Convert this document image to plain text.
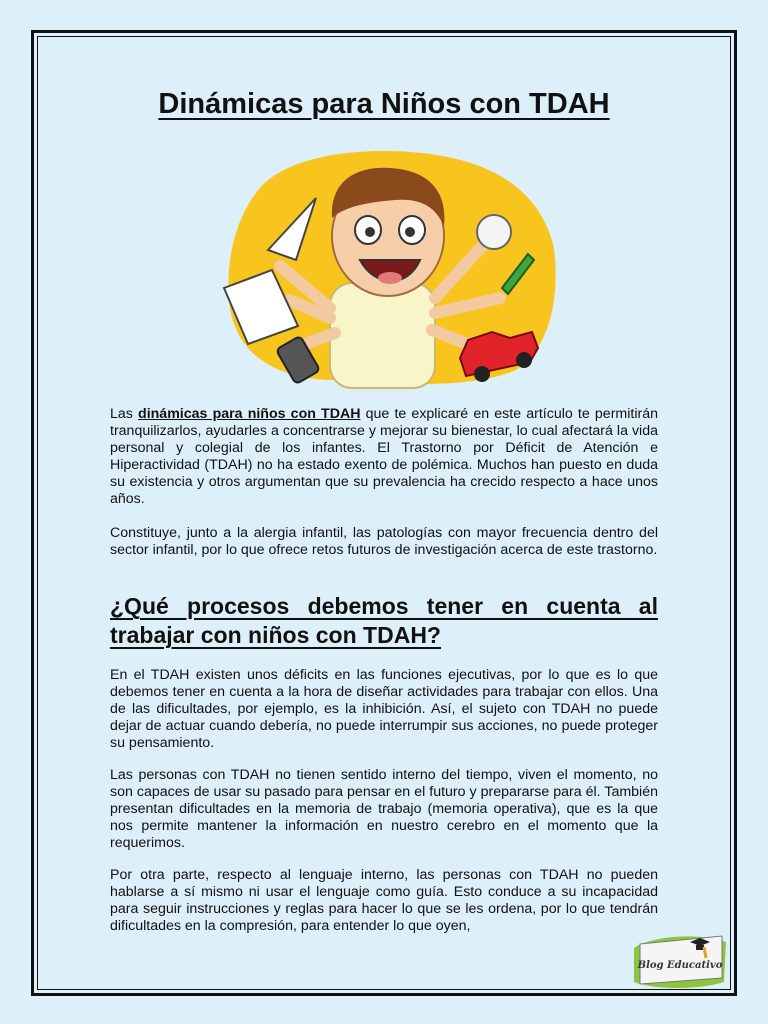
Dinámicas para Niños con TDAH

Las dinámicas para niños con TDAH que te explicaré en este artículo te permitirán tranquilizarlos, ayudarles a concentrarse y mejorar su bienestar, lo cual afectará la vida personal y colegial de los infantes. El Trastorno por Déficit de Atención e Hiperactividad (TDAH) no ha estado exento de polémica. Muchos han puesto en duda su existencia y otros argumentan que su prevalencia ha crecido respecto a hace unos años.

Constituye, junto a la alergia infantil, las patologías con mayor frecuencia dentro del sector infantil, por lo que ofrece retos futuros de investigación acerca de este trastorno.

¿Qué procesos debemos tener en cuenta al
trabajar con niños con TDAH?

En el TDAH existen unos déficits en las funciones ejecutivas, por lo que es lo que debemos tener en cuenta a la hora de diseñar actividades para trabajar con ellos. Una de las dificultades, por ejemplo, es la inhibición. Así, el sujeto con TDAH no puede dejar de actuar cuando debería, no puede interrumpir sus acciones, no puede proteger su pensamiento.

Las personas con TDAH no tienen sentido interno del tiempo, viven el momento, no son capaces de usar su pasado para pensar en el futuro y prepararse para él. También presentan dificultades en la memoria de trabajo (memoria operativa), que es la que nos permite mantener la información en nuestro cerebro en el momento que la requerimos.

Por otra parte, respecto al lenguaje interno, las personas con TDAH no pueden hablarse a sí mismo ni usar el lenguaje como guía. Esto conduce a su incapacidad para seguir instrucciones y reglas para hacer lo que se les ordena, por lo que tendrán dificultades en la compresión, para entender lo que oyen,

Blog Educativo
